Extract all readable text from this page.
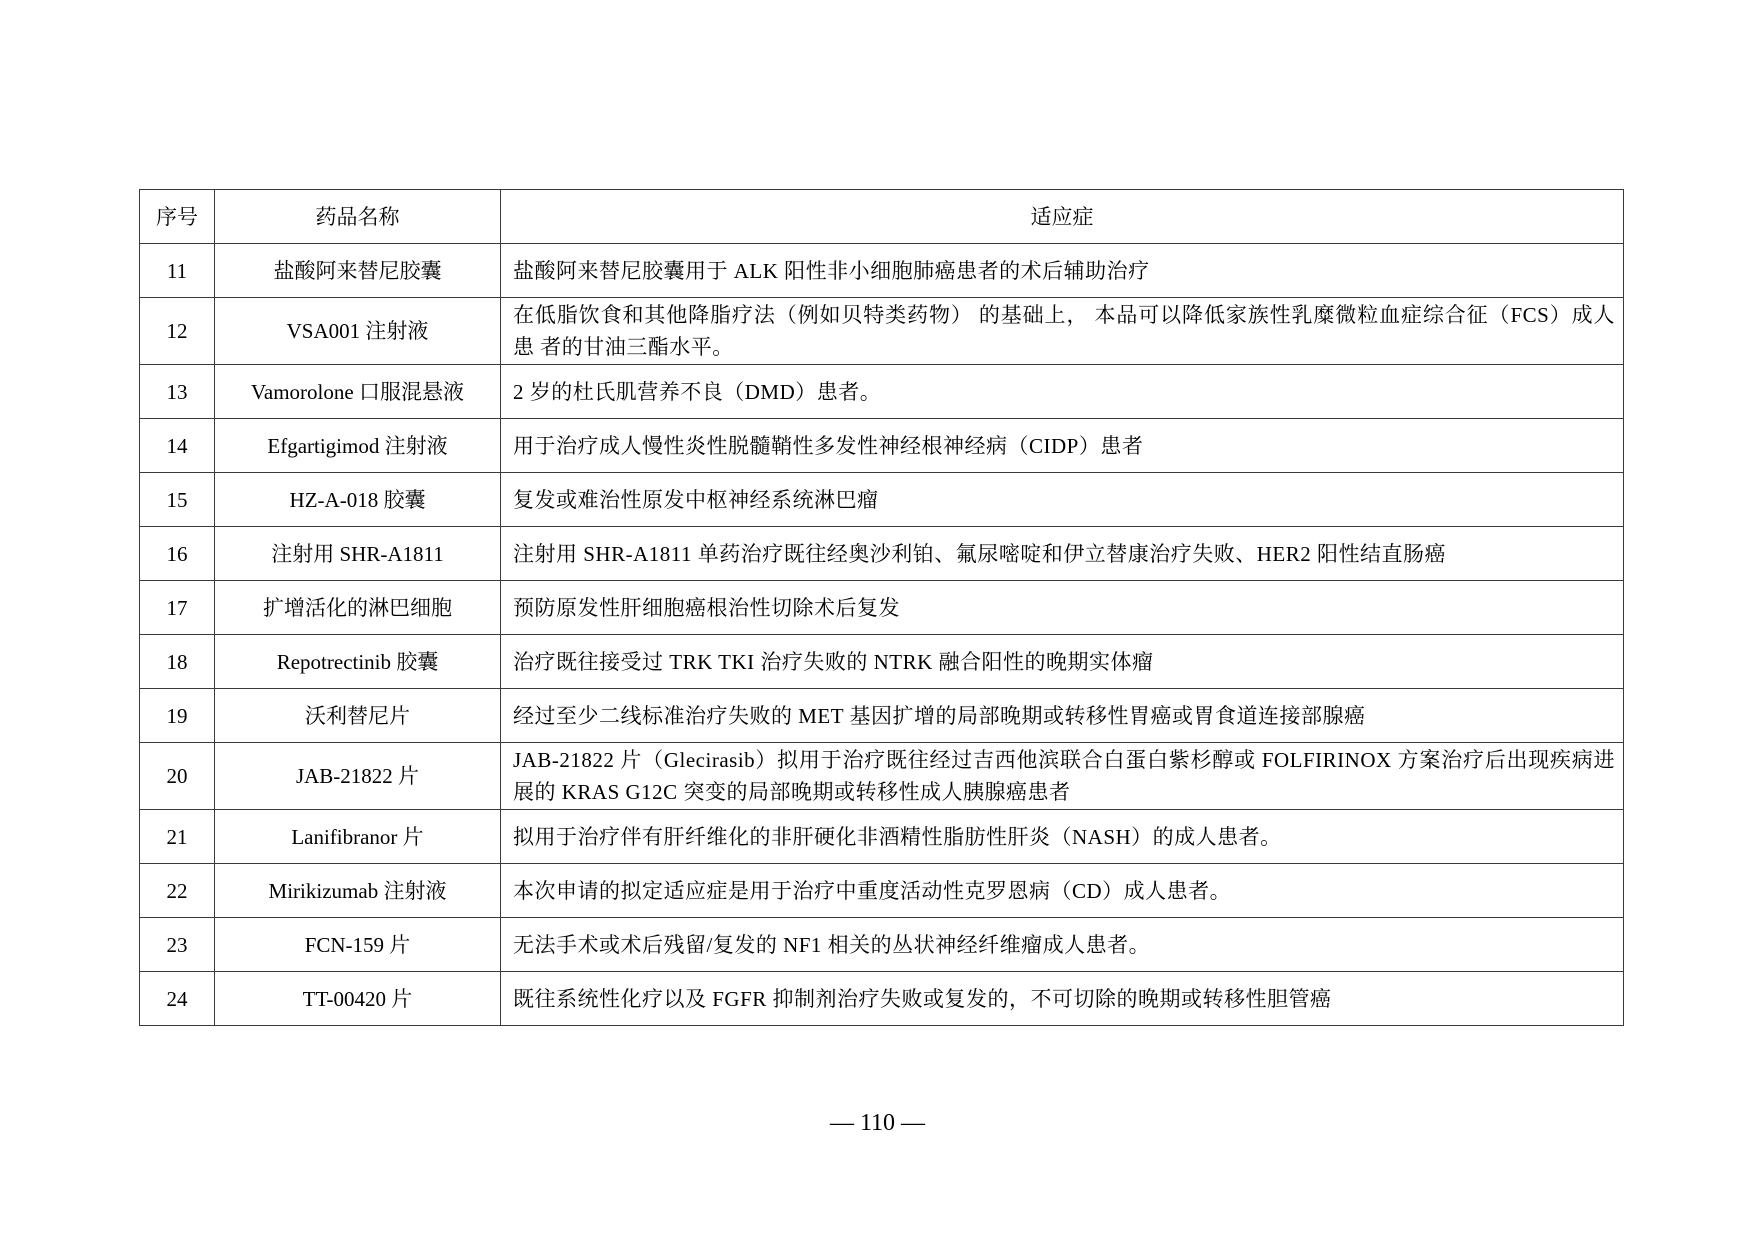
序号	药品名称	适应症
11	盐酸阿来替尼胶囊	盐酸阿来替尼胶囊用于 ALK 阳性非小细胞肺癌患者的术后辅助治疗
12	VSA001 注射液	在低脂饮食和其他降脂疗法（例如贝特类药物） 的基础上， 本品可以降低家族性乳糜微粒血症综合征（FCS）成人患 者的甘油三酯水平。
13	Vamorolone 口服混悬液	2 岁的杜氏肌营养不良（DMD）患者。
14	Efgartigimod 注射液	用于治疗成人慢性炎性脱髓鞘性多发性神经根神经病（CIDP）患者
15	HZ-A-018 胶囊	复发或难治性原发中枢神经系统淋巴瘤
16	注射用 SHR-A1811	注射用 SHR-A1811 单药治疗既往经奥沙利铂、氟尿嘧啶和伊立替康治疗失败、HER2 阳性结直肠癌
17	扩增活化的淋巴细胞	预防原发性肝细胞癌根治性切除术后复发
18	Repotrectinib 胶囊	治疗既往接受过 TRK TKI 治疗失败的 NTRK 融合阳性的晚期实体瘤
19	沃利替尼片	经过至少二线标准治疗失败的 MET 基因扩增的局部晚期或转移性胃癌或胃食道连接部腺癌
20	JAB-21822 片	JAB-21822 片（Glecirasib）拟用于治疗既往经过吉西他滨联合白蛋白紫杉醇或 FOLFIRINOX 方案治疗后出现疾病进展的 KRAS G12C 突变的局部晚期或转移性成人胰腺癌患者
21	Lanifibranor 片	拟用于治疗伴有肝纤维化的非肝硬化非酒精性脂肪性肝炎（NASH）的成人患者。
22	Mirikizumab 注射液	本次申请的拟定适应症是用于治疗中重度活动性克罗恩病（CD）成人患者。
23	FCN-159 片	无法手术或术后残留/复发的 NF1 相关的丛状神经纤维瘤成人患者。
24	TT-00420 片	既往系统性化疗以及 FGFR 抑制剂治疗失败或复发的，不可切除的晚期或转移性胆管癌
— 110 —
